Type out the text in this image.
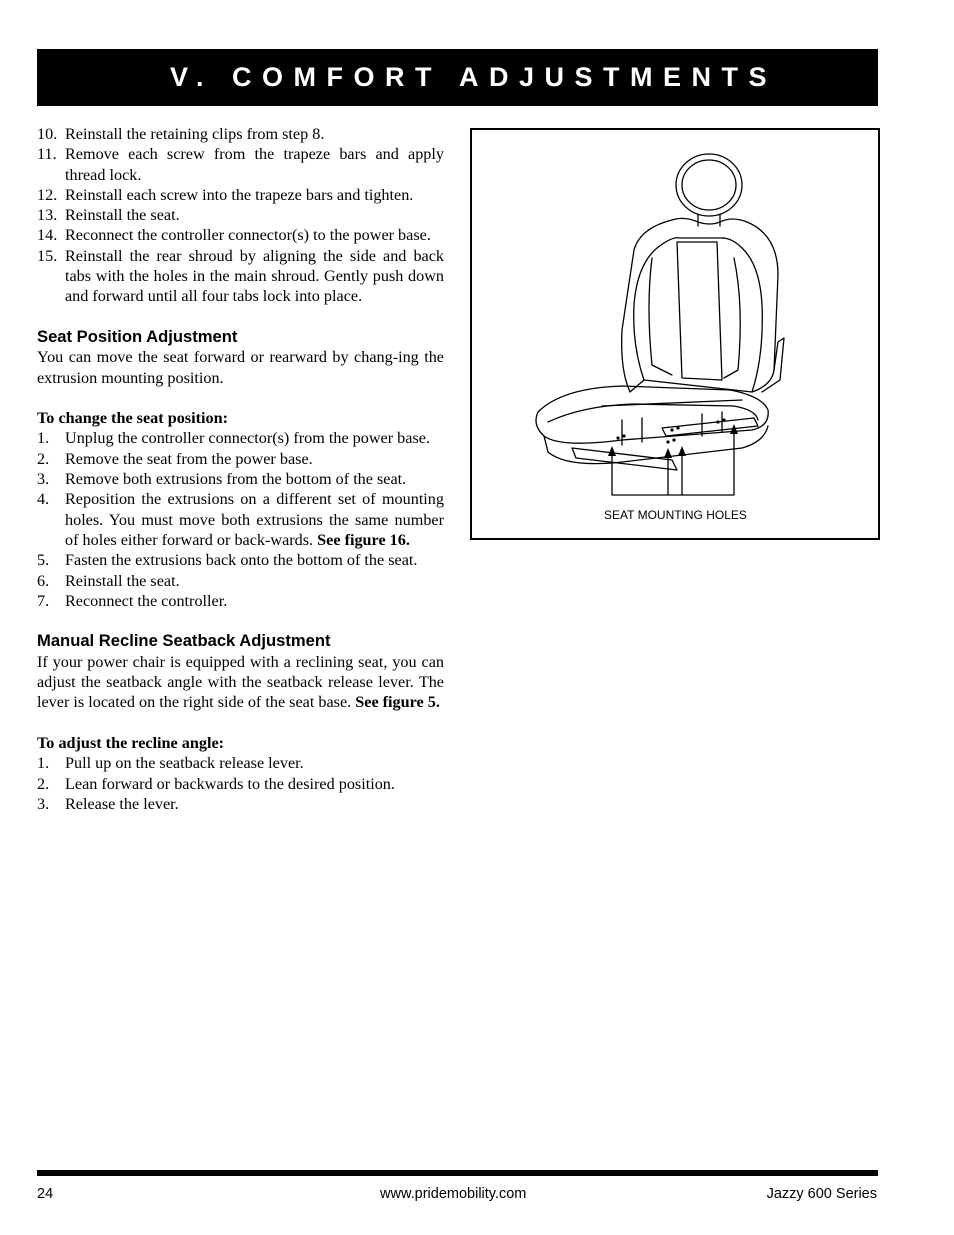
V. COMFORT ADJUSTMENTS
10. Reinstall the retaining clips from step 8.
11. Remove each screw from the trapeze bars and apply thread lock.
12. Reinstall each screw into the trapeze bars and tighten.
13. Reinstall the seat.
14. Reconnect the controller connector(s) to the power base.
15. Reinstall the rear shroud by aligning the side and back tabs with the holes in the main shroud. Gently push down and forward until all four tabs lock into place.
Seat Position Adjustment

You can move the seat forward or rearward by chang-ing the extrusion mounting position.

To change the seat position:
1. Unplug the controller connector(s) from the power base.
2. Remove the seat from the power base.
3. Remove both extrusions from the bottom of the seat.
4. Reposition the extrusions on a different set of mounting holes. You must move both extrusions the same number of holes either forward or back-wards. See figure 16.
5. Fasten the extrusions back onto the bottom of the seat.
6. Reinstall the seat.
7. Reconnect the controller.
Manual Recline Seatback Adjustment

If your power chair is equipped with a reclining seat, you can adjust the seatback angle with the seatback release lever. The lever is located on the right side of the seat base. See figure 5.

To adjust the recline angle:
1. Pull up on the seatback release lever.
2. Lean forward or backwards to the desired position.
3. Release the lever.
SEAT MOUNTING HOLES
24	www.pridemobility.com	Jazzy 600 Series
